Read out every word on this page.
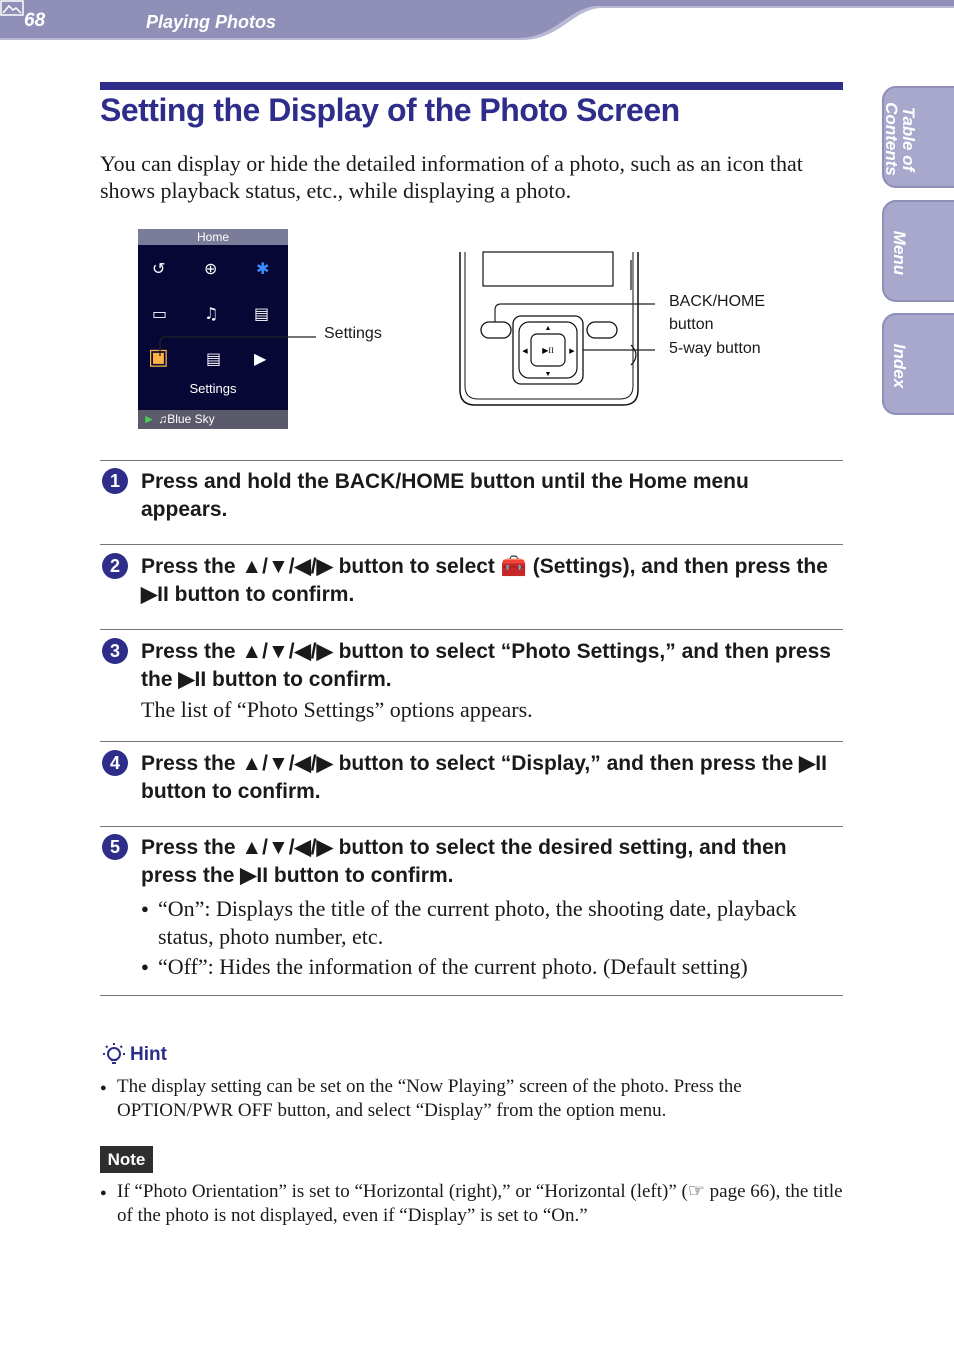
68	Playing Photos
Table of Contents
Menu
Index
Setting the Display of the Photo Screen
You can display or hide the detailed information of a photo, such as an icon that shows playback status, etc., while displaying a photo.
Home
↺ ⊕ ✱
▭ ♫ ▤
▣ ▤ ▶
Settings
► ♫Blue Sky
Settings	▲
▼
◀	▶
▶II
BACK/HOME
button
5-way button
1	Press and hold the BACK/HOME button until the Home menu appears.
2	Press the ▲/▼/◀/▶ button to select 🧰 (Settings), and then press the ▶II button to confirm.
3	Press the ▲/▼/◀/▶ button to select “Photo Settings,” and then press the ▶II button to confirm.
The list of “Photo Settings” options appears.
4	Press the ▲/▼/◀/▶ button to select “Display,” and then press the ▶II button to confirm.
5	Press the ▲/▼/◀/▶ button to select the desired setting, and then press the ▶II button to confirm.
● “On”: Displays the title of the current photo, the shooting date, playback status, photo number, etc.
● “Off”: Hides the information of the current photo. (Default setting)
Hint
● The display setting can be set on the “Now Playing” screen of the photo. Press the OPTION/PWR OFF button, and select “Display” from the option menu.
Note
● If “Photo Orientation” is set to “Horizontal (right),” or “Horizontal (left)” (☞ page 66), the title of the photo is not displayed, even if “Display” is set to “On.”
